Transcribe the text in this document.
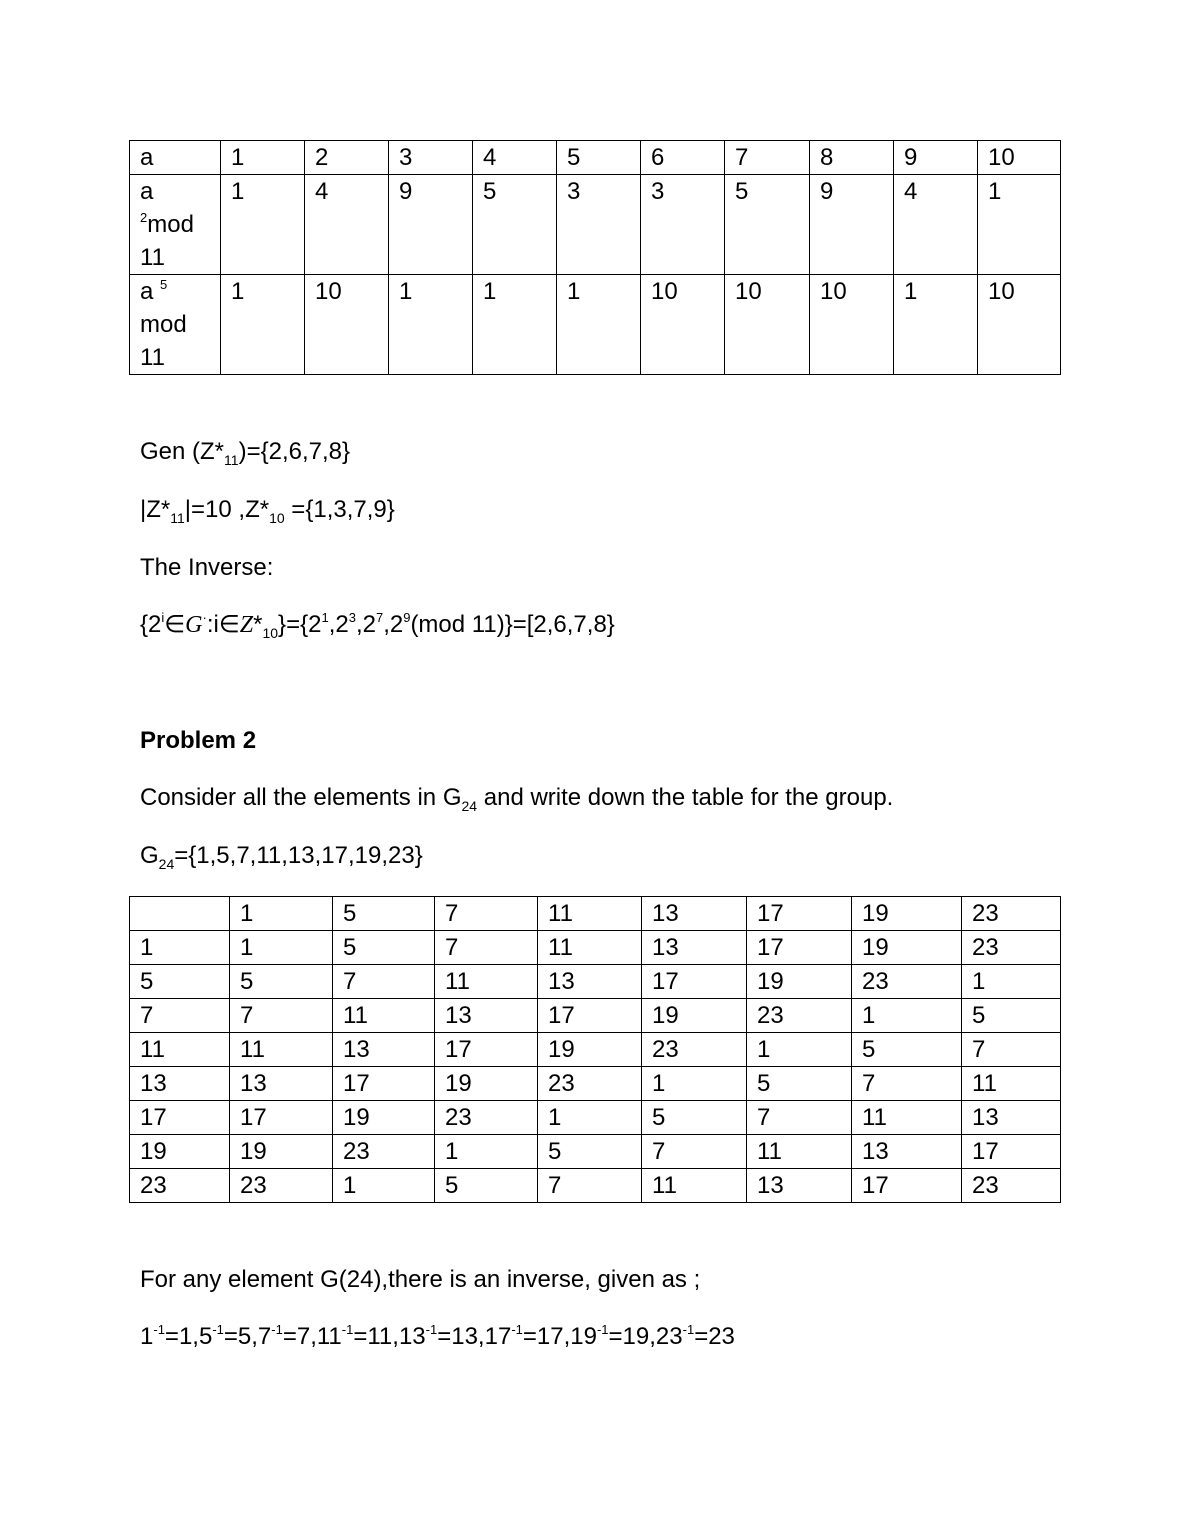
a	1	2	3	4	5	6	7	8	9	10
a
$^2$mod
11	1	4	9	5	3	3	5	9	4	1
a $^5$
mod
11	1	10	1	1	1	10	10	10	1	10
Gen $(Z*_{11})=\{2,6,7,8\}$
$|Z*_{11}|=10$ $,Z*_{10} =\{1,3,7,9\}$
The Inverse:
$\{2^i\in G^\cdot:i\in Z*_{10}\}=\{2^1,2^3,2^7,2^9(mod$ 11)}=[2,6,7,8}
Problem 2
Consider all the elements in $G_{24}$ and write down the table for the group.
$G_{24}=\{1,5,7,11,13,17,19,23\}$
	1	5	7	11	13	17	19	23
1	1	5	7	11	13	17	19	23
5	5	7	11	13	17	19	23	1
7	7	11	13	17	19	23	1	5
11	11	13	17	19	23	1	5	7
13	13	17	19	23	1	5	7	11
17	17	19	23	1	5	7	11	13
19	19	23	1	5	7	11	13	17
23	23	1	5	7	11	13	17	23
For any element G(24),there is an inverse, given as ;
$1^{-1}=1,5^{-1}=5,7^{-1}=7,11^{-1}=11,13^{-1}=13,17^{-1}=17,19^{-1}=19,23^{-1}=23$
